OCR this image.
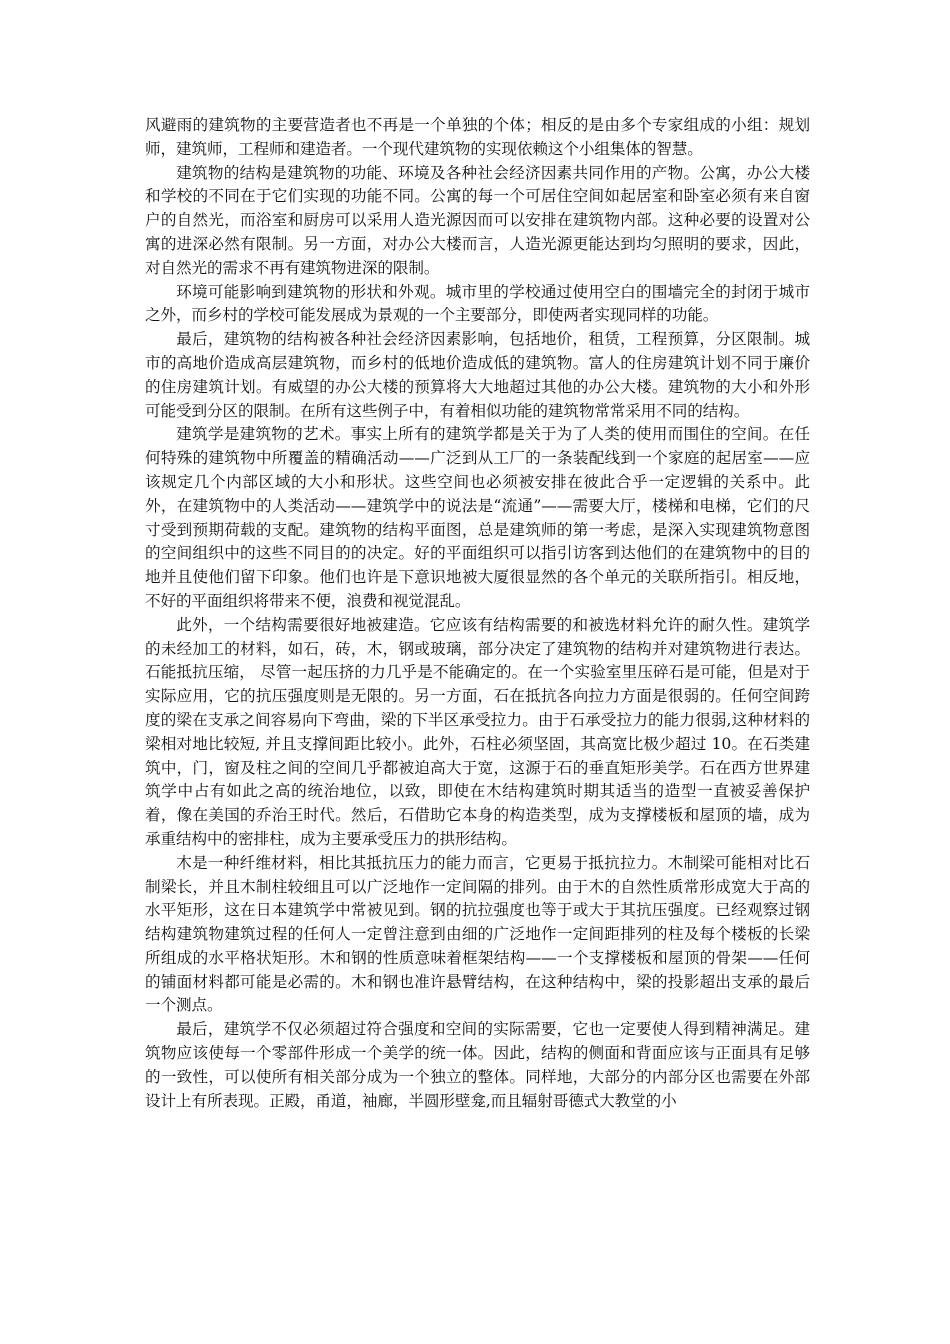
风避雨的建筑物的主要营造者也不再是一个单独的个体；相反的是由多个专家组成的小组：规划师，建筑师，工程师和建造者。一个现代建筑物的实现依赖这个小组集体的智慧。

建筑物的结构是建筑物的功能、环境及各种社会经济因素共同作用的产物。公寓，办公大楼和学校的不同在于它们实现的功能不同。公寓的每一个可居住空间如起居室和卧室必须有来自窗户的自然光，而浴室和厨房可以采用人造光源因而可以安排在建筑物内部。这种必要的设置对公寓的进深必然有限制。另一方面，对办公大楼而言，人造光源更能达到均匀照明的要求，因此，对自然光的需求不再有建筑物进深的限制。

环境可能影响到建筑物的形状和外观。城市里的学校通过使用空白的围墙完全的封闭于城市之外，而乡村的学校可能发展成为景观的一个主要部分，即使两者实现同样的功能。

最后，建筑物的结构被各种社会经济因素影响，包括地价，租赁，工程预算，分区限制。城市的高地价造成高层建筑物，而乡村的低地价造成低的建筑物。富人的住房建筑计划不同于廉价的住房建筑计划。有威望的办公大楼的预算将大大地超过其他的办公大楼。建筑物的大小和外形可能受到分区的限制。在所有这些例子中，有着相似功能的建筑物常常采用不同的结构。

建筑学是建筑物的艺术。事实上所有的建筑学都是关于为了人类的使用而围住的空间。在任何特殊的建筑物中所覆盖的精确活动——广泛到从工厂的一条装配线到一个家庭的起居室——应该规定几个内部区域的大小和形状。这些空间也必须被安排在彼此合乎一定逻辑的关系中。此外，在建筑物中的人类活动——建筑学中的说法是“流通”——需要大厅，楼梯和电梯，它们的尺寸受到预期荷载的支配。建筑物的结构平面图，总是建筑师的第一考虑，是深入实现建筑物意图的空间组织中的这些不同目的的决定。好的平面组织可以指引访客到达他们的在建筑物中的目的地并且使他们留下印象。他们也许是下意识地被大厦很显然的各个单元的关联所指引。相反地，不好的平面组织将带来不便，浪费和视觉混乱。

此外，一个结构需要很好地被建造。它应该有结构需要的和被选材料允许的耐久性。建筑学的未经加工的材料，如石，砖，木，钢或玻璃，部分决定了建筑物的结构并对建筑物进行表达。 石能抵抗压缩， 尽管一起压挤的力几乎是不能确定的。在一个实验室里压碎石是可能，但是对于实际应用，它的抗压强度则是无限的。另一方面，石在抵抗各向拉力方面是很弱的。任何空间跨度的梁在支承之间容易向下弯曲，梁的下半区承受拉力。由于石承受拉力的能力很弱,这种材料的梁相对地比较短, 并且支撑间距比较小。此外，石柱必须坚固，其高宽比极少超过 10。在石类建筑中，门，窗及柱之间的空间几乎都被迫高大于宽，这源于石的垂直矩形美学。石在西方世界建筑学中占有如此之高的统治地位，以致，即使在木结构建筑时期其适当的造型一直被妥善保护着，像在美国的乔治王时代。然后，石借助它本身的构造类型，成为支撑楼板和屋顶的墙，成为承重结构中的密排柱，成为主要承受压力的拱形结构。

木是一种纤维材料，相比其抵抗压力的能力而言，它更易于抵抗拉力。木制梁可能相对比石制梁长，并且木制柱较细且可以广泛地作一定间隔的排列。由于木的自然性质常形成宽大于高的水平矩形，这在日本建筑学中常被见到。钢的抗拉强度也等于或大于其抗压强度。已经观察过钢结构建筑物建筑过程的任何人一定曾注意到由细的广泛地作一定间距排列的柱及每个楼板的长梁所组成的水平格状矩形。木和钢的性质意味着框架结构——一个支撑楼板和屋顶的骨架——任何的铺面材料都可能是必需的。木和钢也准许悬臂结构，在这种结构中，梁的投影超出支承的最后一个测点。

最后，建筑学不仅必须超过符合强度和空间的实际需要，它也一定要使人得到精神满足。建筑物应该使每一个零部件形成一个美学的统一体。因此，结构的侧面和背面应该与正面具有足够的一致性，可以使所有相关部分成为一个独立的整体。同样地，大部分的内部分区也需要在外部设计上有所表现。正殿，甬道，袖廊，半圆形壁龛,而且辐射哥德式大教堂的小
